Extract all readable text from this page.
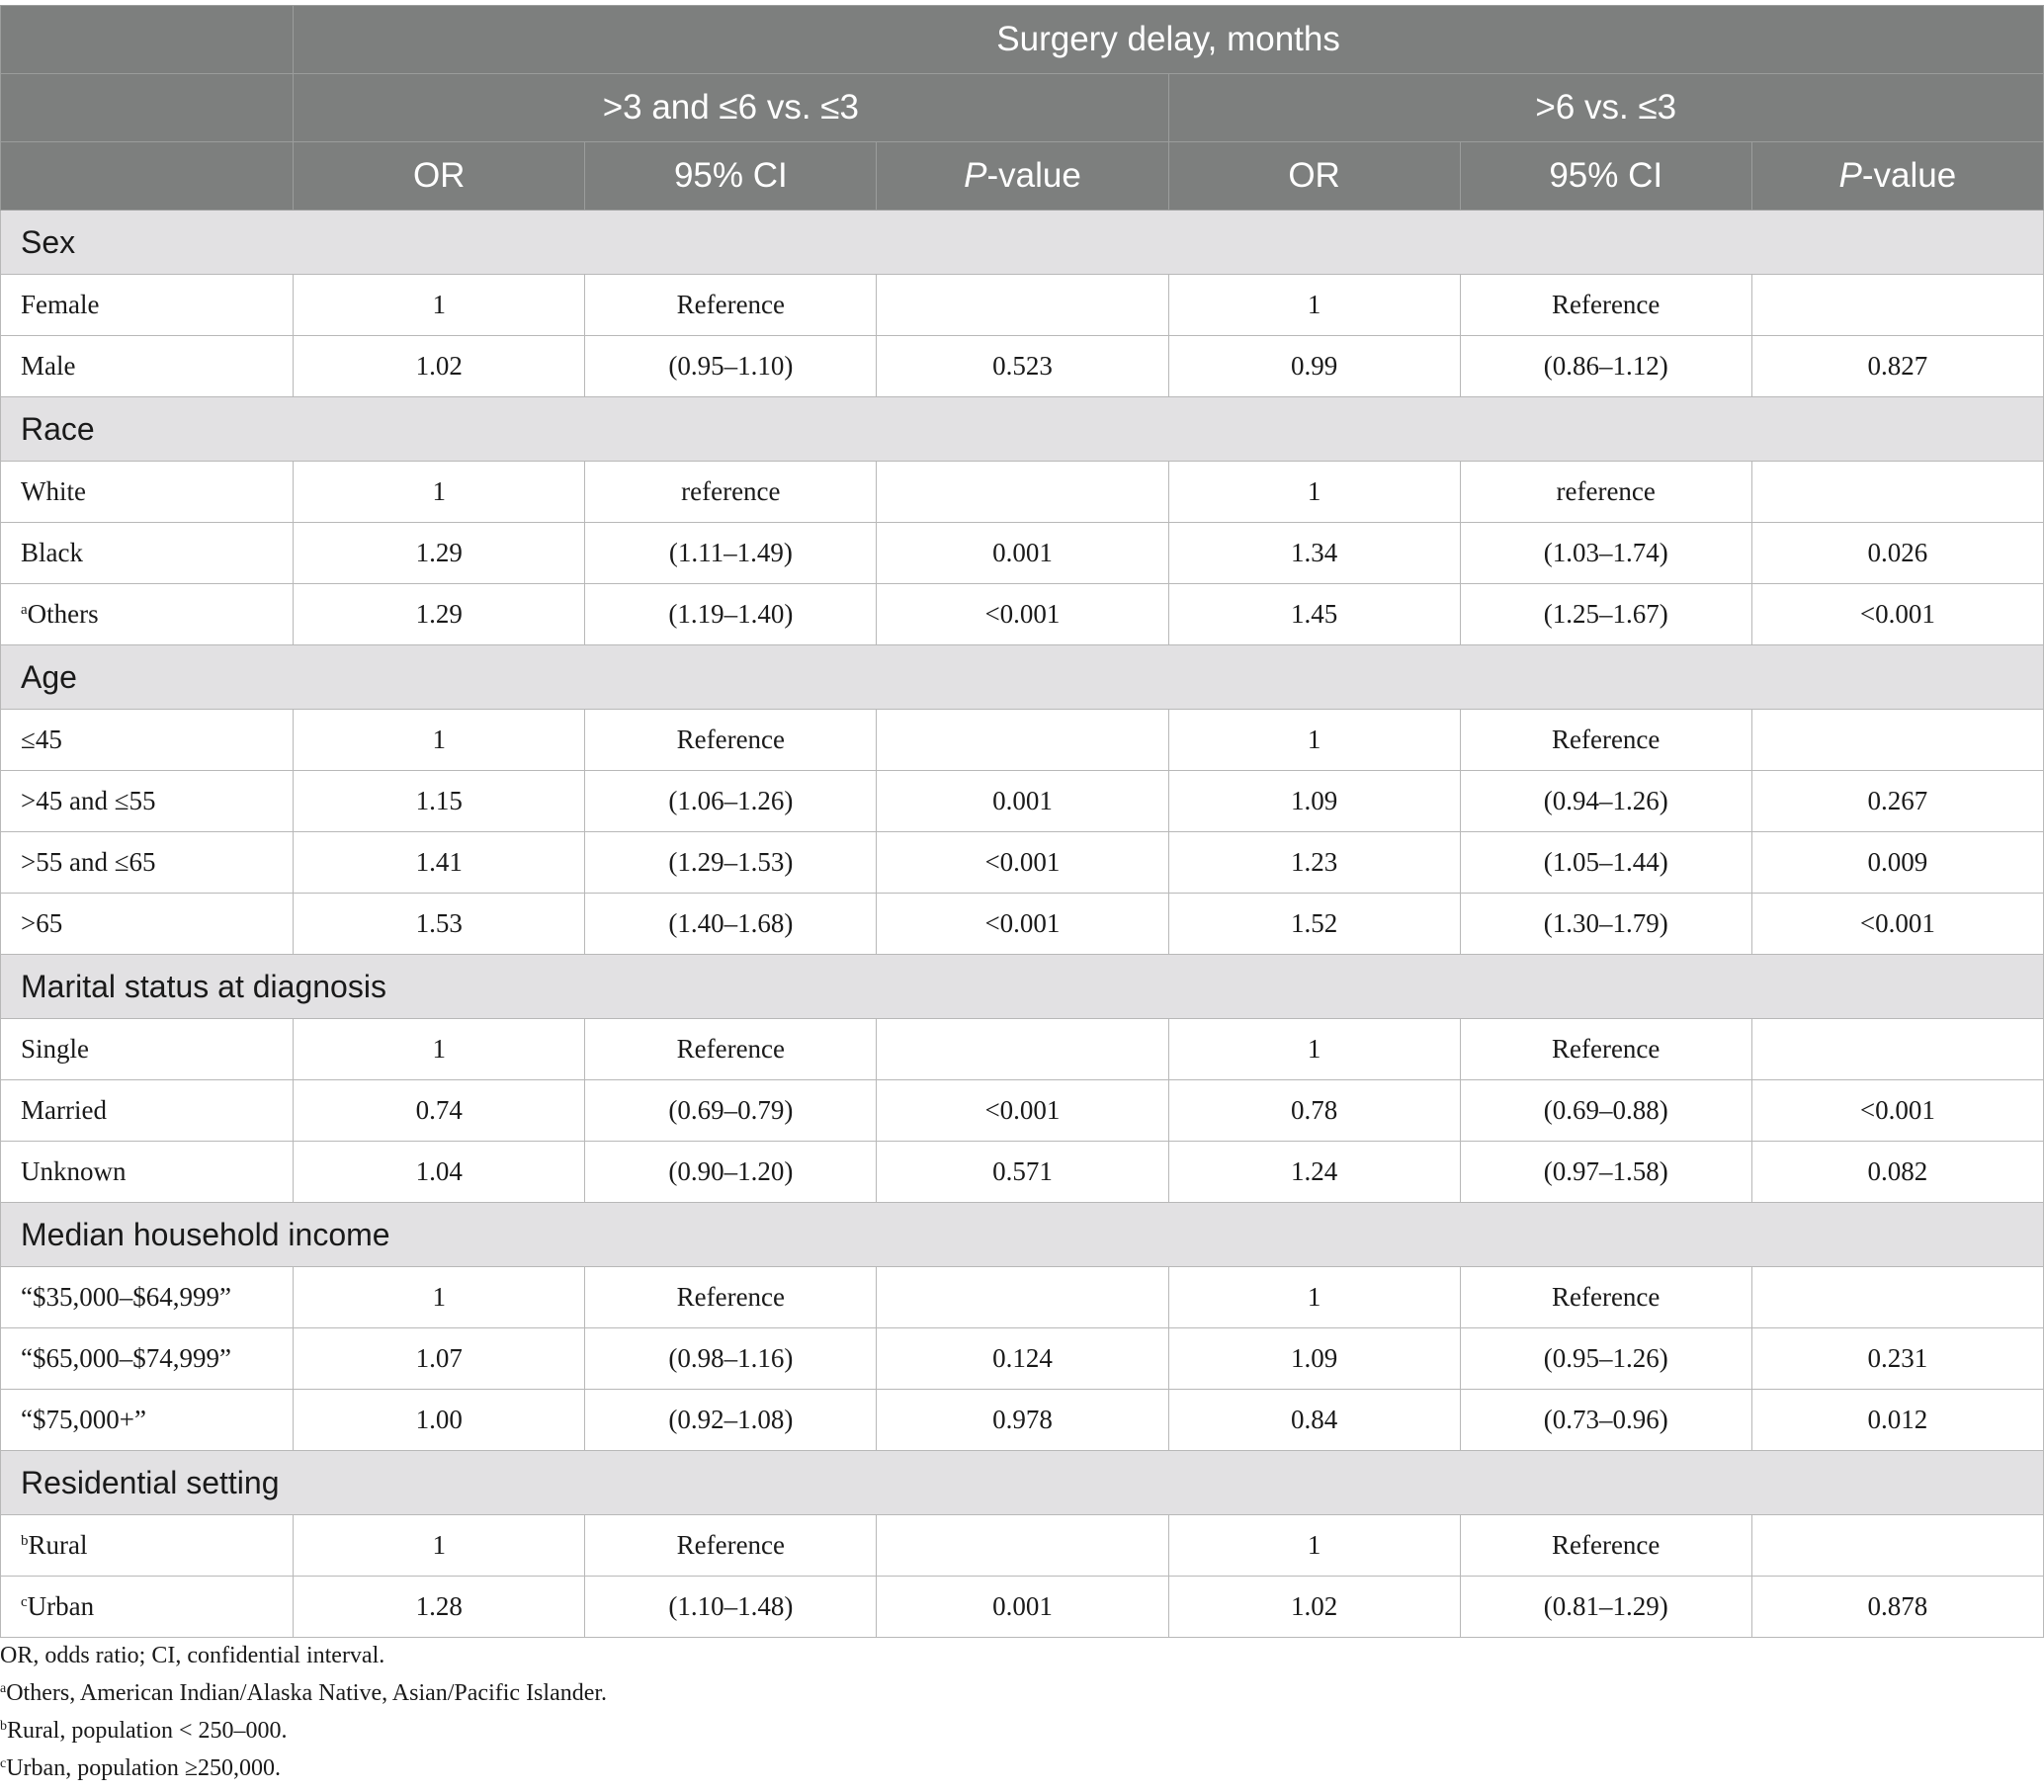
	Surgery delay, months					
	>3 and ≤6 vs. ≤3			>6 vs. ≤3		
	OR	95% CI	P-value	OR	95% CI	P-value
Sex						
Female	1	Reference		1	Reference	
Male	1.02	(0.95–1.10)	0.523	0.99	(0.86–1.12)	0.827
Race						
White	1	reference		1	reference	
Black	1.29	(1.11–1.49)	0.001	1.34	(1.03–1.74)	0.026
$^a$Others	1.29	(1.19–1.40)	<0.001	1.45	(1.25–1.67)	<0.001
Age						
≤45	1	Reference		1	Reference	
>45 and ≤55	1.15	(1.06–1.26)	0.001	1.09	(0.94–1.26)	0.267
>55 and ≤65	1.41	(1.29–1.53)	<0.001	1.23	(1.05–1.44)	0.009
>65	1.53	(1.40–1.68)	<0.001	1.52	(1.30–1.79)	<0.001
Marital status at diagnosis						
Single	1	Reference		1	Reference	
Married	0.74	(0.69–0.79)	<0.001	0.78	(0.69–0.88)	<0.001
Unknown	1.04	(0.90–1.20)	0.571	1.24	(0.97–1.58)	0.082
Median household income						
“$35,000–$64,999”	1	Reference		1	Reference	
“$65,000–$74,999”	1.07	(0.98–1.16)	0.124	1.09	(0.95–1.26)	0.231
“$75,000+”	1.00	(0.92–1.08)	0.978	0.84	(0.73–0.96)	0.012
Residential setting						
$^b$Rural	1	Reference		1	Reference	
$^c$Urban	1.28	(1.10–1.48)	0.001	1.02	(0.81–1.29)	0.878
OR, odds ratio; CI, confidential interval.
$^a$Others, American Indian/Alaska Native, Asian/Pacific Islander.
$^b$Rural, population < 250–000.
$^c$Urban, population ≥250,000.
